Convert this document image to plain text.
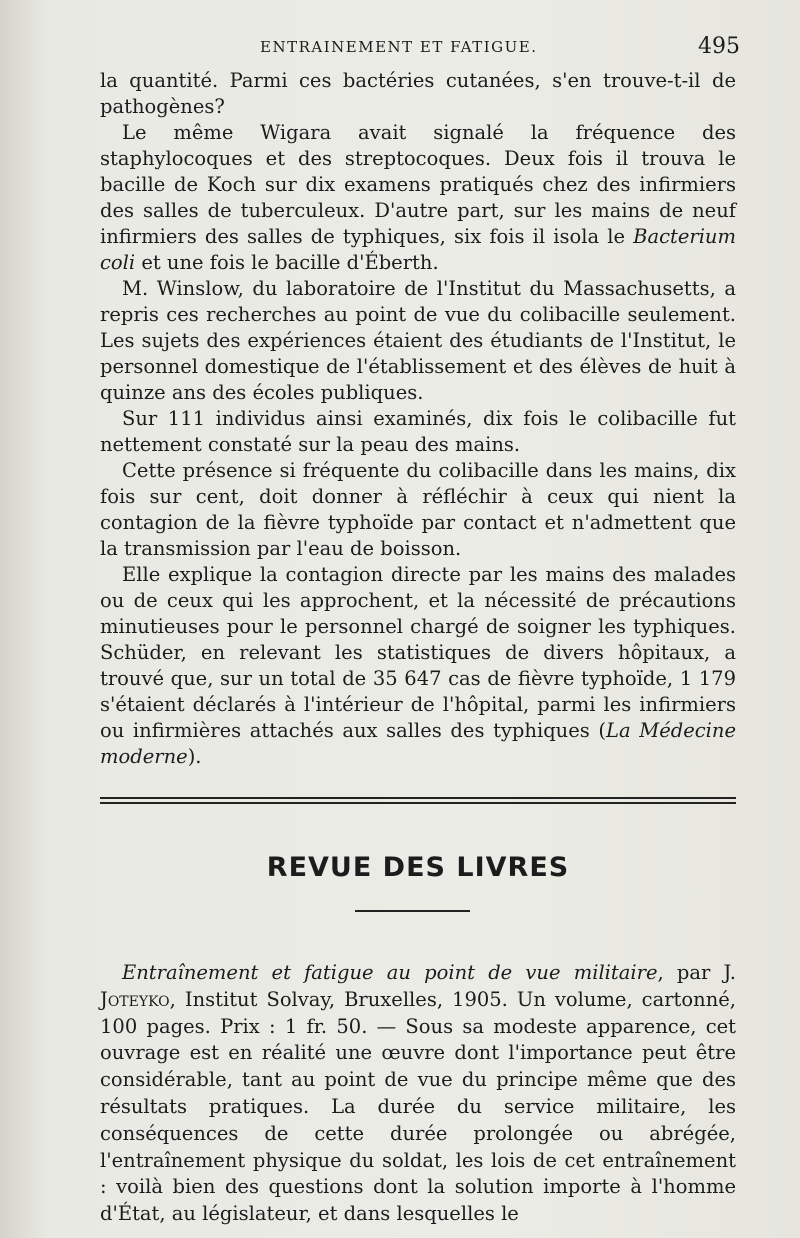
ENTRAINEMENT ET FATIGUE.	495

la quantité. Parmi ces bactéries cutanées, s'en trouve-t-il de pathogènes?

Le même Wigara avait signalé la fréquence des staphylocoques et des streptocoques. Deux fois il trouva le bacille de Koch sur dix examens pratiqués chez des infirmiers des salles de tuberculeux. D'autre part, sur les mains de neuf infirmiers des salles de typhiques, six fois il isola le Bacterium coli et une fois le bacille d'Éberth.

M. Winslow, du laboratoire de l'Institut du Massachusetts, a repris ces recherches au point de vue du colibacille seulement. Les sujets des expériences étaient des étudiants de l'Institut, le personnel domestique de l'établissement et des élèves de huit à quinze ans des écoles publiques.

Sur 111 individus ainsi examinés, dix fois le colibacille fut nettement constaté sur la peau des mains.

Cette présence si fréquente du colibacille dans les mains, dix fois sur cent, doit donner à réfléchir à ceux qui nient la contagion de la fièvre typhoïde par contact et n'admettent que la transmission par l'eau de boisson.

Elle explique la contagion directe par les mains des malades ou de ceux qui les approchent, et la nécessité de précautions minutieuses pour le personnel chargé de soigner les typhiques. Schüder, en relevant les statistiques de divers hôpitaux, a trouvé que, sur un total de 35 647 cas de fièvre typhoïde, 1 179 s'étaient déclarés à l'intérieur de l'hôpital, parmi les infirmiers ou infirmières attachés aux salles des typhiques (La Médecine moderne).

REVUE DES LIVRES

Entraînement et fatigue au point de vue militaire, par J. Joteyko, Institut Solvay, Bruxelles, 1905. Un volume, cartonné, 100 pages. Prix : 1 fr. 50. — Sous sa modeste apparence, cet ouvrage est en réalité une œuvre dont l'importance peut être considérable, tant au point de vue du principe même que des résultats pratiques. La durée du service militaire, les conséquences de cette durée prolongée ou abrégée, l'entraînement physique du soldat, les lois de cet entraînement : voilà bien des questions dont la solution importe à l'homme d'État, au législateur, et dans lesquelles le
